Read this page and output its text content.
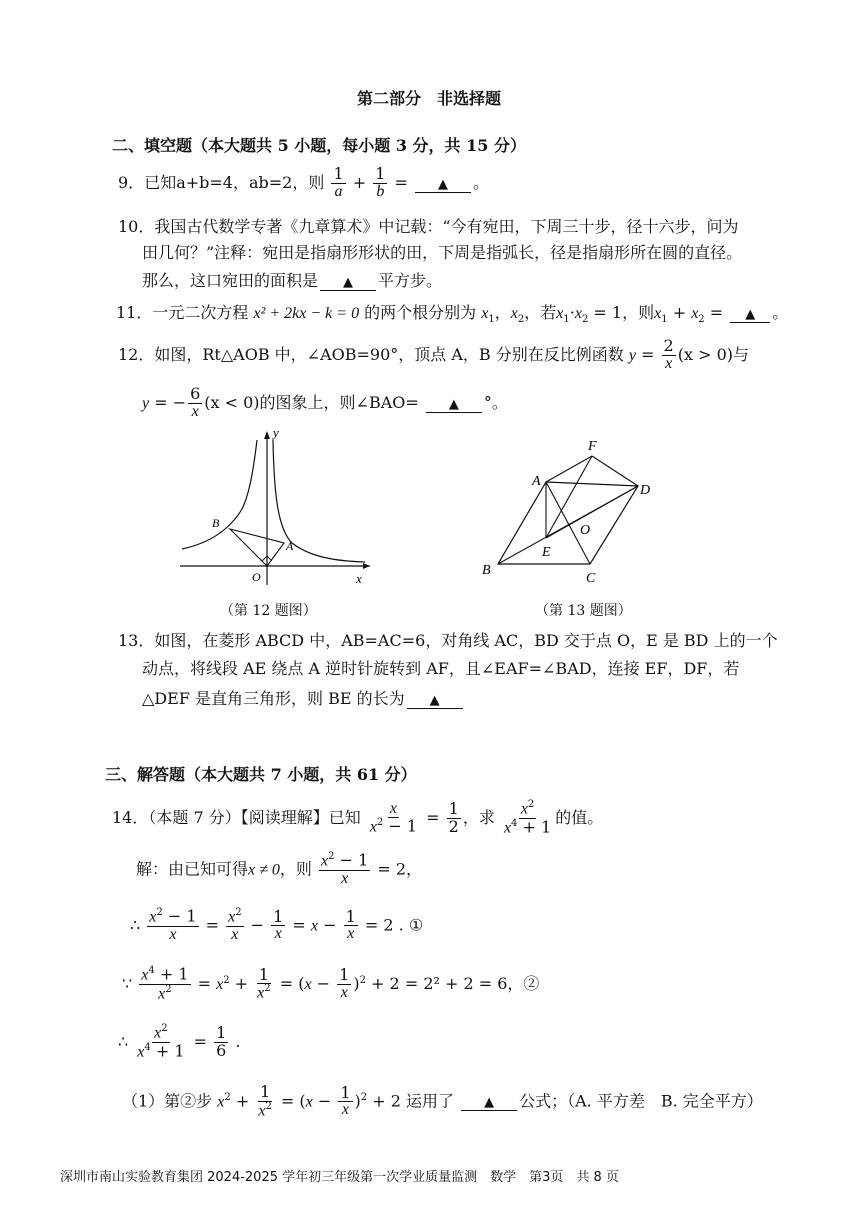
第二部分　非选择题
二、填空题（本大题共 5 小题，每小题 3 分，共 15 分）
9．已知a+b=4，ab=2，则 $\frac{1}{a} + \frac{1}{b}$ = ▲ 。
10．我国古代数学专著《九章算术》中记载：“今有宛田，下周三十步，径十六步，问为
田几何？”注释：宛田是指扇形形状的田，下周是指弧长，径是指扇形所在圆的直径。
那么，这口宛田的面积是 ▲ 平方步。
11．一元二次方程 x² + 2kx − k = 0 的两个根分别为 $x_1$，$x_2$，若$x_1\cdot x_2 = 1$，则$x_1 + x_2$ = ▲ 。
12．如图，Rt△AOB 中，∠AOB=90°，顶点 A，B 分别在反比例函数 $y = \frac{2}{x} (x > 0)$与
y = − $\frac{6}{x} (x < 0)$的图象上，则∠BAO= ▲ °。
y
x
O
A
B
（第 12 题图）
A
B
C
D
E
F
O
（第 13 题图）
13．如图，在菱形 ABCD 中，AB=AC=6，对角线 AC，BD 交于点 O，E 是 BD 上的一个
动点，将线段 AE 绕点 A 逆时针旋转到 AF，且∠EAF=∠BAD，连接 EF，DF，若
△DEF 是直角三角形，则 BE 的长为 ▲
三、解答题（本大题共 7 小题，共 61 分）
14．（本题 7 分）【阅读理解】已知 $\frac{x}{x^2 - 1} = \frac{1}{2}$ ，求 $\frac{x^2}{x^4 + 1}$ 的值。
解：由已知可得x ≠ 0，则 $\frac{x^2 - 1}{x} = 2$，
∴ $\frac{x^2 - 1}{x} = \frac{x^2}{x} - \frac{1}{x} = x - \frac{1}{x} = 2$ . ①
∵ $\frac{x^4 + 1}{x^2} = x^2 + \frac{1}{x^2} = (x - \frac{1}{x} )^2 + 2 = 2^2 + 2 = 6$，②
∴ $\frac{x^2}{x^4 + 1} = \frac{1}{6}$ .
（1）第②步 $x^2 + \frac{1}{x^2} = (x - \frac{1}{x} )^2 + 2$ 运用了 ▲ 公式；（A. 平方差　B. 完全平方）
深圳市南山实验教育集团 2024-2025 学年初三年级第一次学业质量监测　数学　第3页　共 8 页
